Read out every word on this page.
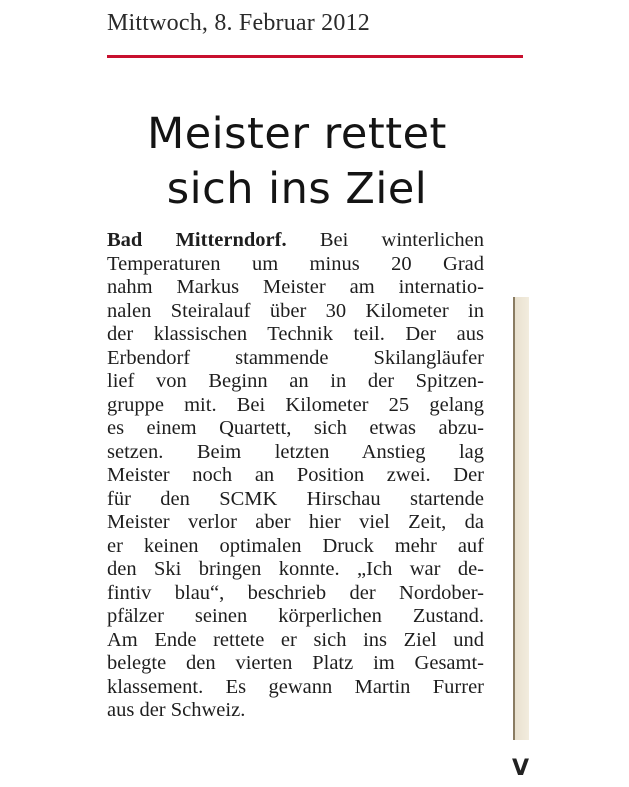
Mittwoch, 8. Februar 2012
Meister rettet
sich ins Ziel
Bad Mitterndorf. Bei winterlichen
Temperaturen um minus 20 Grad
nahm Markus Meister am internatio-
nalen Steiralauf über 30 Kilometer in
der klassischen Technik teil. Der aus
Erbendorf stammende Skilangläufer
lief von Beginn an in der Spitzen-
gruppe mit. Bei Kilometer 25 gelang
es einem Quartett, sich etwas abzu-
setzen. Beim letzten Anstieg lag
Meister noch an Position zwei. Der
für den SCMK Hirschau startende
Meister verlor aber hier viel Zeit, da
er keinen optimalen Druck mehr auf
den Ski bringen konnte. „Ich war de-
fintiv blau“, beschrieb der Nordober-
pfälzer seinen körperlichen Zustand.
Am Ende rettete er sich ins Ziel und
belegte den vierten Platz im Gesamt-
klassement. Es gewann Martin Furrer
aus der Schweiz.
V
